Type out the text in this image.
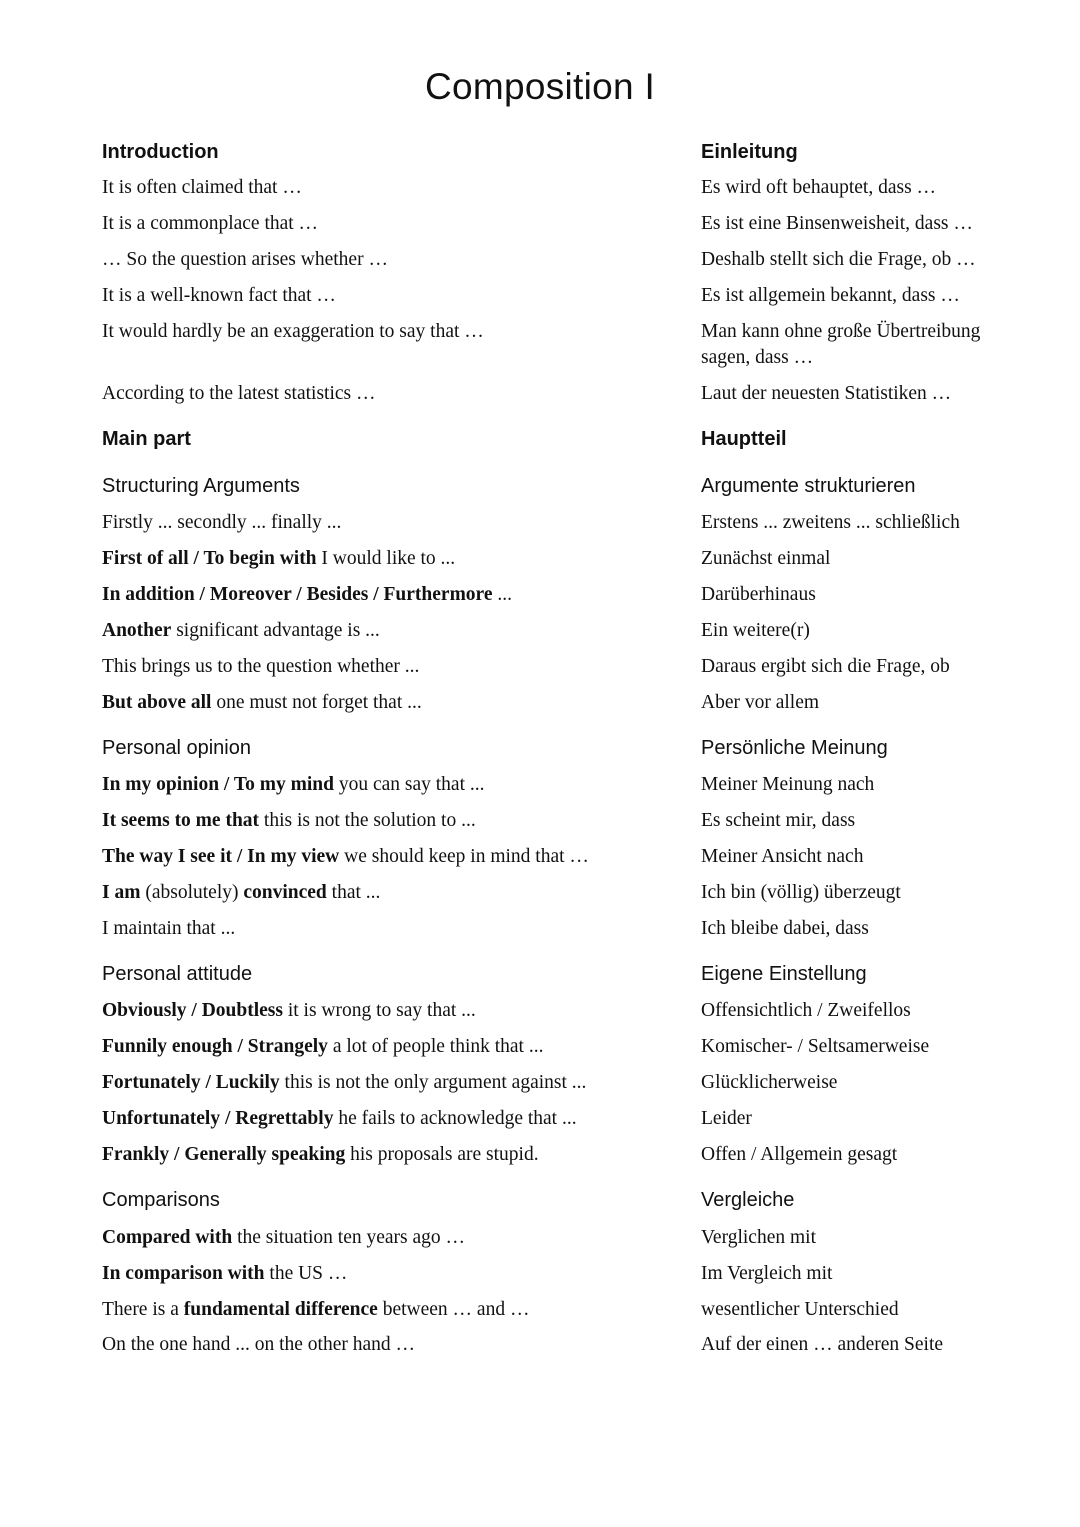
Composition I
Introduction
It is often claimed that …
It is a commonplace that …
… So the question arises whether …
It is a well-known fact that …
It would hardly be an exaggeration to say that …
According to the latest statistics …
Main part
Structuring Arguments
Firstly ... secondly ... finally ...
First of all / To begin with I would like to ...
In addition / Moreover / Besides / Furthermore ...
Another significant advantage is ...
This brings us to the question whether ...
But above all one must not forget that ...
Personal opinion
In my opinion / To my mind you can say that ...
It seems to me that this is not the solution to ...
The way I see it / In my view we should keep in mind that …
I am (absolutely) convinced that ...
I maintain that ...
Personal attitude
Obviously / Doubtless it is wrong to say that ...
Funnily enough / Strangely a lot of people think that ...
Fortunately / Luckily this is not the only argument against ...
Unfortunately / Regrettably he fails to acknowledge that ...
Frankly / Generally speaking his proposals are stupid.
Comparisons
Compared with the situation ten years ago …
In comparison with the US …
There is a fundamental difference between … and …
On the one hand ... on the other hand …
Einleitung
Es wird oft behauptet, dass …
Es ist eine Binsenweisheit, dass …
Deshalb stellt sich die Frage, ob …
Es ist allgemein bekannt, dass …
Man kann ohne große Übertreibung sagen, dass …
Laut der neuesten Statistiken …
Hauptteil
Argumente strukturieren
Erstens ... zweitens ... schließlich
Zunächst einmal
Darüberhinaus
Ein weitere(r)
Daraus ergibt sich die Frage, ob
Aber vor allem
Persönliche Meinung
Meiner Meinung nach
Es scheint mir, dass
Meiner Ansicht nach
Ich bin (völlig) überzeugt
Ich bleibe dabei, dass
Eigene Einstellung
Offensichtlich / Zweifellos
Komischer- / Seltsamerweise
Glücklicherweise
Leider
Offen / Allgemein gesagt
Vergleiche
Verglichen mit
Im Vergleich mit
wesentlicher Unterschied
Auf der einen … anderen Seite
